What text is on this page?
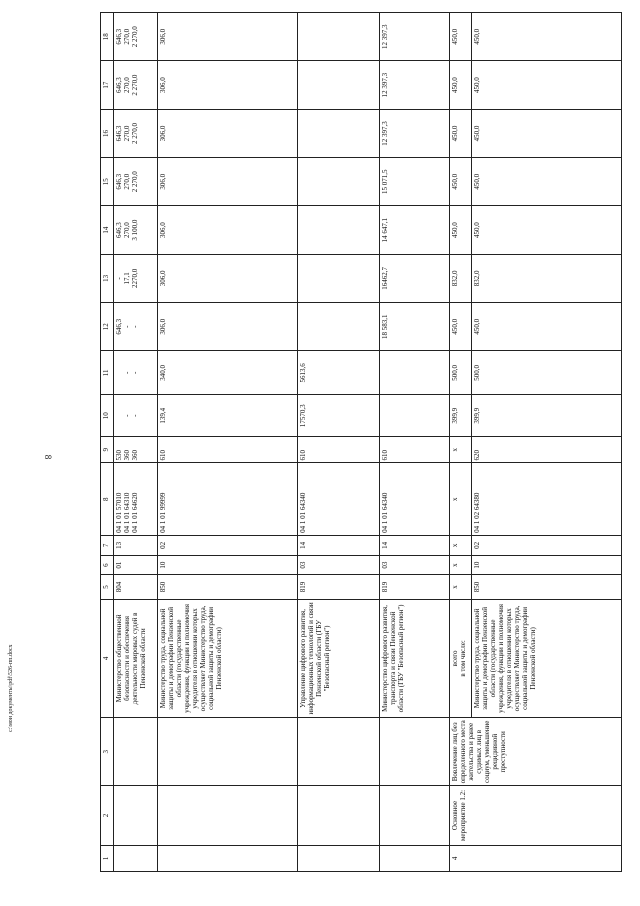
8
c:\мои документы\pdf\526-пп.docx
1	2	3	4	5	6	7	8	9	10	11	12	13	14	15	16	17	18
			Министерство общественной безопасности и обеспечения деятельности мировых судей в Пензенской области	804	01	13	04 1 01 57010 04 1 01 64310 04 1 01 64620	530 360 360	- -	- -	646,3 - -	- 17,1 2270,0	646,3 270,0 3 100,0	646,3 270,0 2 270,0	646,3 270,0 2 270,0	646,3 270,0 2 270,0	646,3 270,0 2 270,0

			Министерство труда, социальной защиты и демографии Пензенской области (государственные учреждения, функции и полномочия учредителя в отношении которых осуществляет Министерство труда, социальной защиты и демографии Пензенской области)	850	10	02	04 1 01 99999	610	139,4	340,0	306,0	306,0	306,0	306,0	306,0	306,0	306,0
			Управление цифрового развития, информационных технологий и связи Пензенской области (ГБУ "Безопасный регион")	819	03	14	04 1 01 64340	610	17570,3	5613,6							
			Министерство цифрового развития, транспорта и связи Пензенской области (ГБУ "Безопасный регион")	819	03	14	04 1 01 64340	610			18 583,1	16462,7	14 647,1	15 071,5	12 397,3	12 397,3	12 397,3
4	Основное мероприятие 1.2:	Вовлечение лиц без определенного места жительства и ранее судимых лиц в социум, уменьшение рецидивной преступности	всего в том числе:	х	х	х	х	х	399,9	500,0	450,0	832,0	450,0	450,0	450,0	450,0	450,0
			Министерство труда, социальной защиты и демографии Пензенской области (государственные учреждения, функции и полномочия учредителя в отношении которых осуществляет Министерство труда, социальной защиты и демографии Пензенской области)	850	10	02	04 1 02 64380	620	399,9	500,0	450,0	832,0	450,0	450,0	450,0	450,0	450,0
